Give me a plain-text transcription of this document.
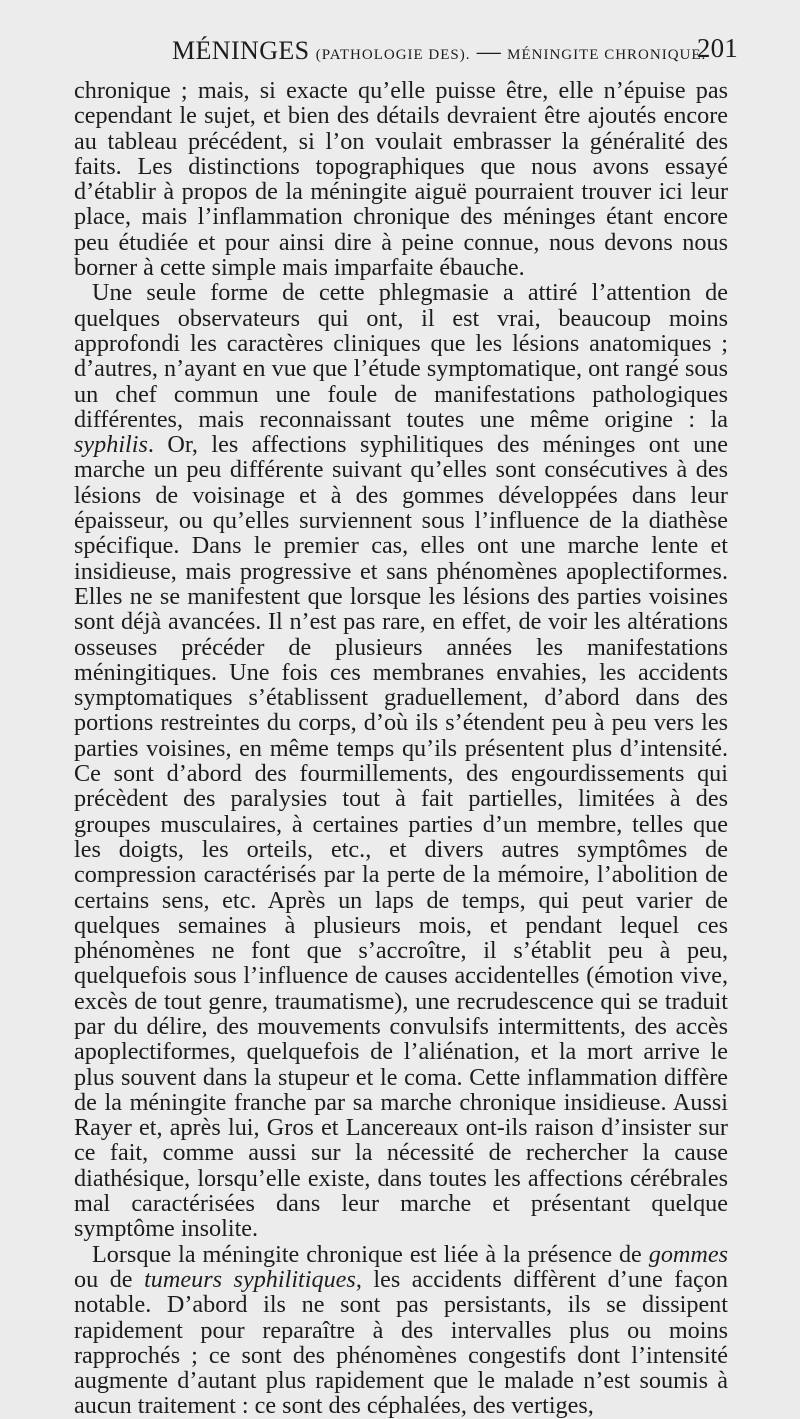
MÉNINGES (PATHOLOGIE DES). — MÉNINGITE CHRONIQUE.
201

chronique ; mais, si exacte qu’elle puisse être, elle n’épuise pas cependant le sujet, et bien des détails devraient être ajoutés encore au tableau précédent, si l’on voulait embrasser la généralité des faits. Les distinctions topographiques que nous avons essayé d’établir à propos de la méningite aiguë pourraient trouver ici leur place, mais l’inflammation chronique des méninges étant encore peu étudiée et pour ainsi dire à peine connue, nous devons nous borner à cette simple mais imparfaite ébauche.

Une seule forme de cette phlegmasie a attiré l’attention de quelques observateurs qui ont, il est vrai, beaucoup moins approfondi les caractères cliniques que les lésions anatomiques ; d’autres, n’ayant en vue que l’étude symptomatique, ont rangé sous un chef commun une foule de manifestations pathologiques différentes, mais reconnaissant toutes une même origine : la syphilis. Or, les affections syphilitiques des méninges ont une marche un peu différente suivant qu’elles sont consécutives à des lésions de voisinage et à des gommes développées dans leur épaisseur, ou qu’elles surviennent sous l’influence de la diathèse spécifique. Dans le premier cas, elles ont une marche lente et insidieuse, mais progressive et sans phénomènes apoplectiformes. Elles ne se manifestent que lorsque les lésions des parties voisines sont déjà avancées. Il n’est pas rare, en effet, de voir les altérations osseuses précéder de plusieurs années les manifestations méningitiques. Une fois ces membranes envahies, les accidents symptomatiques s’établissent graduellement, d’abord dans des portions restreintes du corps, d’où ils s’étendent peu à peu vers les parties voisines, en même temps qu’ils présentent plus d’intensité. Ce sont d’abord des fourmillements, des engourdissements qui précèdent des paralysies tout à fait partielles, limitées à des groupes musculaires, à certaines parties d’un membre, telles que les doigts, les orteils, etc., et divers autres symptômes de compression caractérisés par la perte de la mémoire, l’abolition de certains sens, etc. Après un laps de temps, qui peut varier de quelques semaines à plusieurs mois, et pendant lequel ces phénomènes ne font que s’accroître, il s’établit peu à peu, quelquefois sous l’influence de causes accidentelles (émotion vive, excès de tout genre, traumatisme), une recrudescence qui se traduit par du délire, des mouvements convulsifs intermittents, des accès apoplectiformes, quelquefois de l’aliénation, et la mort arrive le plus souvent dans la stupeur et le coma. Cette inflammation diffère de la méningite franche par sa marche chronique insidieuse. Aussi Rayer et, après lui, Gros et Lancereaux ont-ils raison d’insister sur ce fait, comme aussi sur la nécessité de rechercher la cause diathésique, lorsqu’elle existe, dans toutes les affections cérébrales mal caractérisées dans leur marche et présentant quelque symptôme insolite.

Lorsque la méningite chronique est liée à la présence de gommes ou de tumeurs syphilitiques, les accidents diffèrent d’une façon notable. D’abord ils ne sont pas persistants, ils se dissipent rapidement pour reparaître à des intervalles plus ou moins rapprochés ; ce sont des phénomènes congestifs dont l’intensité augmente d’autant plus rapidement que le malade n’est soumis à aucun traitement : ce sont des céphalées, des vertiges,
